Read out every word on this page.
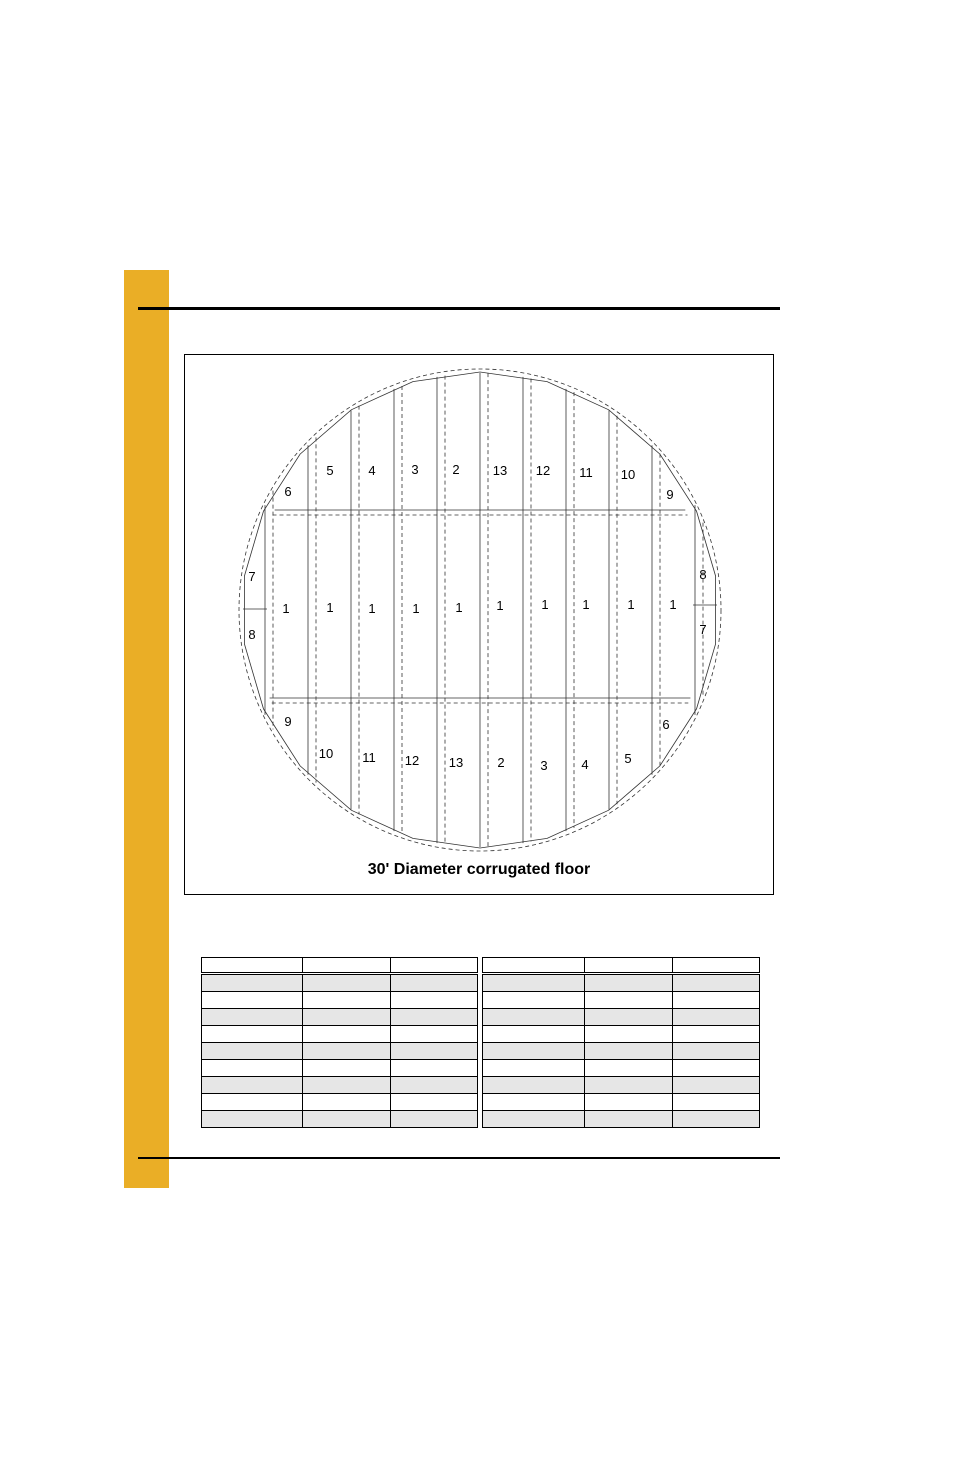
6
5	4	3	2	13 12 11 10
9
7	8
1	1	1	1	1	1	1	1	1	1
8	7
9	6
10 11 12 13	2	3	4	5
30' Diameter corrugated floor
